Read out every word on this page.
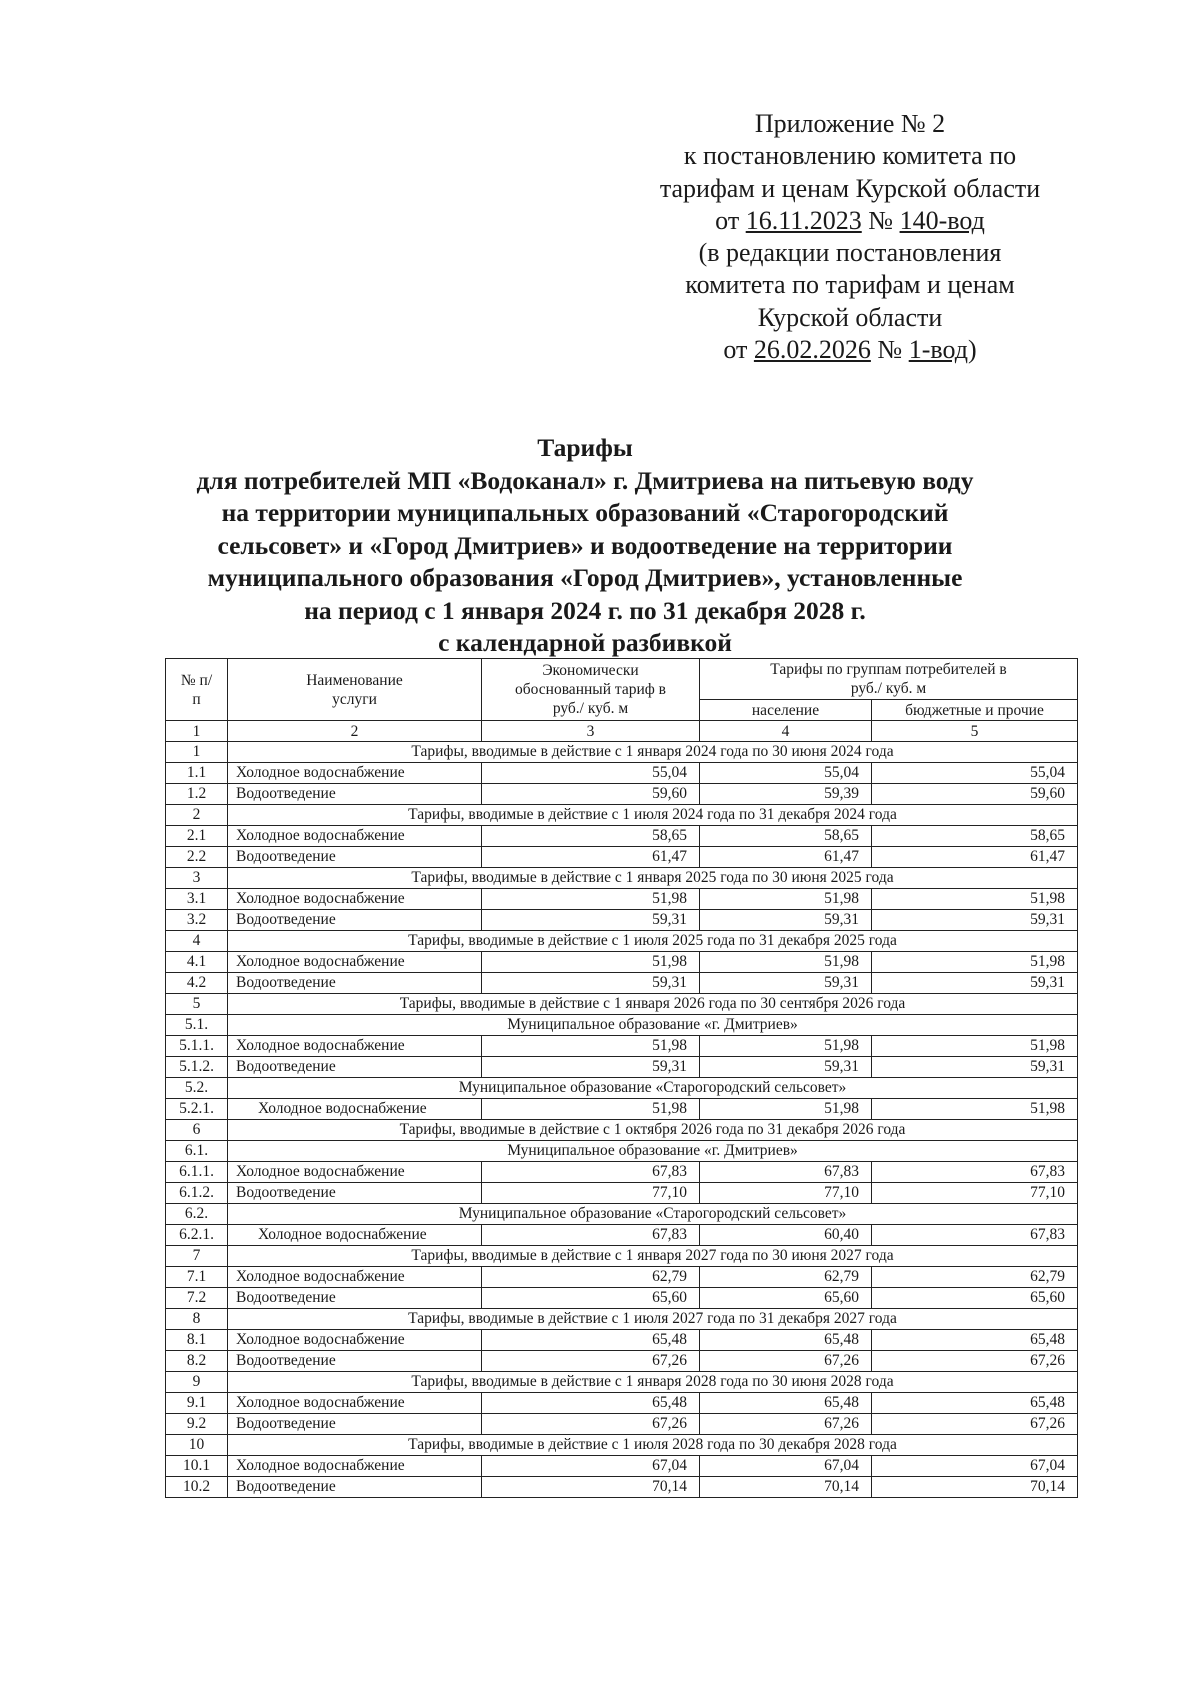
Приложение № 2
к постановлению комитета по
тарифам и ценам Курской области
от 16.11.2023 № 140-вод
(в редакции постановления
комитета по тарифам и ценам
Курской области
от 26.02.2026 № 1-вод)
Тарифы
для потребителей МП «Водоканал» г. Дмитриева на питьевую воду
на территории муниципальных образований «Старогородский
сельсовет» и «Город Дмитриев» и водоотведение на территории
муниципального образования «Город Дмитриев», установленные
на период с 1 января 2024 г. по 31 декабря 2028 г.
с календарной разбивкой
№ п/п	Наименование услуги	Экономически обоснованный тариф в руб./ куб. м	Тарифы по группам потребителей в руб./ куб. м	
			население	бюджетные и прочие
1	2	3	4	5
1	Тарифы, вводимые в действие с 1 января 2024 года по 30 июня 2024 года			
1.1	Холодное водоснабжение	55,04	55,04	55,04
1.2	Водоотведение	59,60	59,39	59,60
2	Тарифы, вводимые в действие с 1 июля 2024 года по 31 декабря 2024 года			
2.1	Холодное водоснабжение	58,65	58,65	58,65
2.2	Водоотведение	61,47	61,47	61,47
3	Тарифы, вводимые в действие с 1 января 2025 года по 30 июня 2025 года			
3.1	Холодное водоснабжение	51,98	51,98	51,98
3.2	Водоотведение	59,31	59,31	59,31
4	Тарифы, вводимые в действие с 1 июля 2025 года по 31 декабря 2025 года			
4.1	Холодное водоснабжение	51,98	51,98	51,98
4.2	Водоотведение	59,31	59,31	59,31
5	Тарифы, вводимые в действие с 1 января 2026 года по 30 сентября 2026 года			
5.1.	Муниципальное образование «г. Дмитриев»			
5.1.1.	Холодное водоснабжение	51,98	51,98	51,98
5.1.2.	Водоотведение	59,31	59,31	59,31
5.2.	Муниципальное образование «Старогородский сельсовет»			
5.2.1.	Холодное водоснабжение	51,98	51,98	51,98
6	Тарифы, вводимые в действие с 1 октября 2026 года по 31 декабря 2026 года			
6.1.	Муниципальное образование «г. Дмитриев»			
6.1.1.	Холодное водоснабжение	67,83	67,83	67,83
6.1.2.	Водоотведение	77,10	77,10	77,10
6.2.	Муниципальное образование «Старогородский сельсовет»			
6.2.1.	Холодное водоснабжение	67,83	60,40	67,83
7	Тарифы, вводимые в действие с 1 января 2027 года по 30 июня 2027 года			
7.1	Холодное водоснабжение	62,79	62,79	62,79
7.2	Водоотведение	65,60	65,60	65,60
8	Тарифы, вводимые в действие с 1 июля 2027 года по 31 декабря 2027 года			
8.1	Холодное водоснабжение	65,48	65,48	65,48
8.2	Водоотведение	67,26	67,26	67,26
9	Тарифы, вводимые в действие с 1 января 2028 года по 30 июня 2028 года			
9.1	Холодное водоснабжение	65,48	65,48	65,48
9.2	Водоотведение	67,26	67,26	67,26
10	Тарифы, вводимые в действие с 1 июля 2028 года по 30 декабря 2028 года			
10.1	Холодное водоснабжение	67,04	67,04	67,04
10.2	Водоотведение	70,14	70,14	70,14
